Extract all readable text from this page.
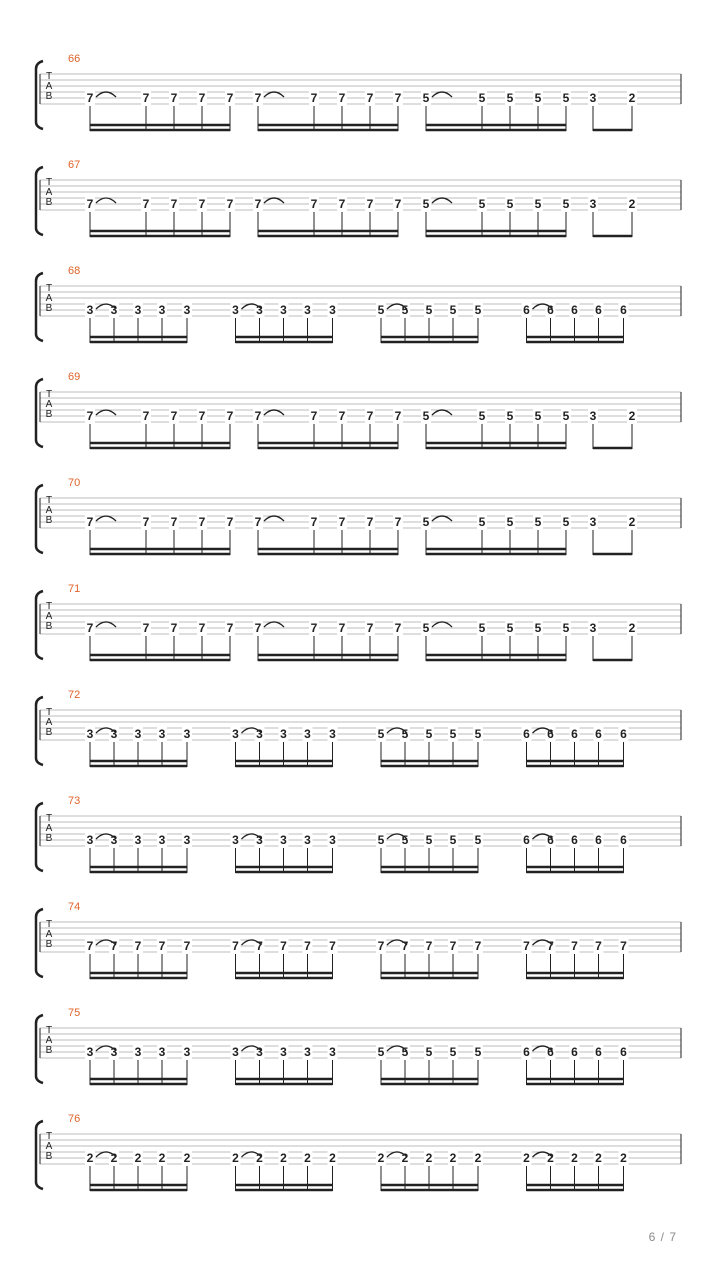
T
A
B
66
7	7 7 7 7 7	7 7 7 7 5	5 5 5 5 3	2
T
A
B
67
7	7 7 7 7 7	7 7 7 7 5	5 5 5 5 3	2
T
A
B
68
3 3 3 3 3	3 3 3 3 3	5 5 5 5 5	6 6 6 6 6
T
A
B
69
7	7 7 7 7 7	7 7 7 7 5	5 5 5 5 3	2
T
A
B
70
7	7 7 7 7 7	7 7 7 7 5	5 5 5 5 3	2
T
A
B
71
7	7 7 7 7 7	7 7 7 7 5	5 5 5 5 3	2
T
A
B
72
3 3 3 3 3	3 3 3 3 3	5 5 5 5 5	6 6 6 6 6
T
A
B
73
3 3 3 3 3	3 3 3 3 3	5 5 5 5 5	6 6 6 6 6
T
A
B
74
7 7 7 7 7	7 7 7 7 7	7 7 7 7 7	7 7 7 7 7
T
A
B
75
3 3 3 3 3	3 3 3 3 3	5 5 5 5 5	6 6 6 6 6
T
A
B
76
2 2 2 2 2	2 2 2 2 2	2 2 2 2 2	2 2 2 2 2
6 / 7
